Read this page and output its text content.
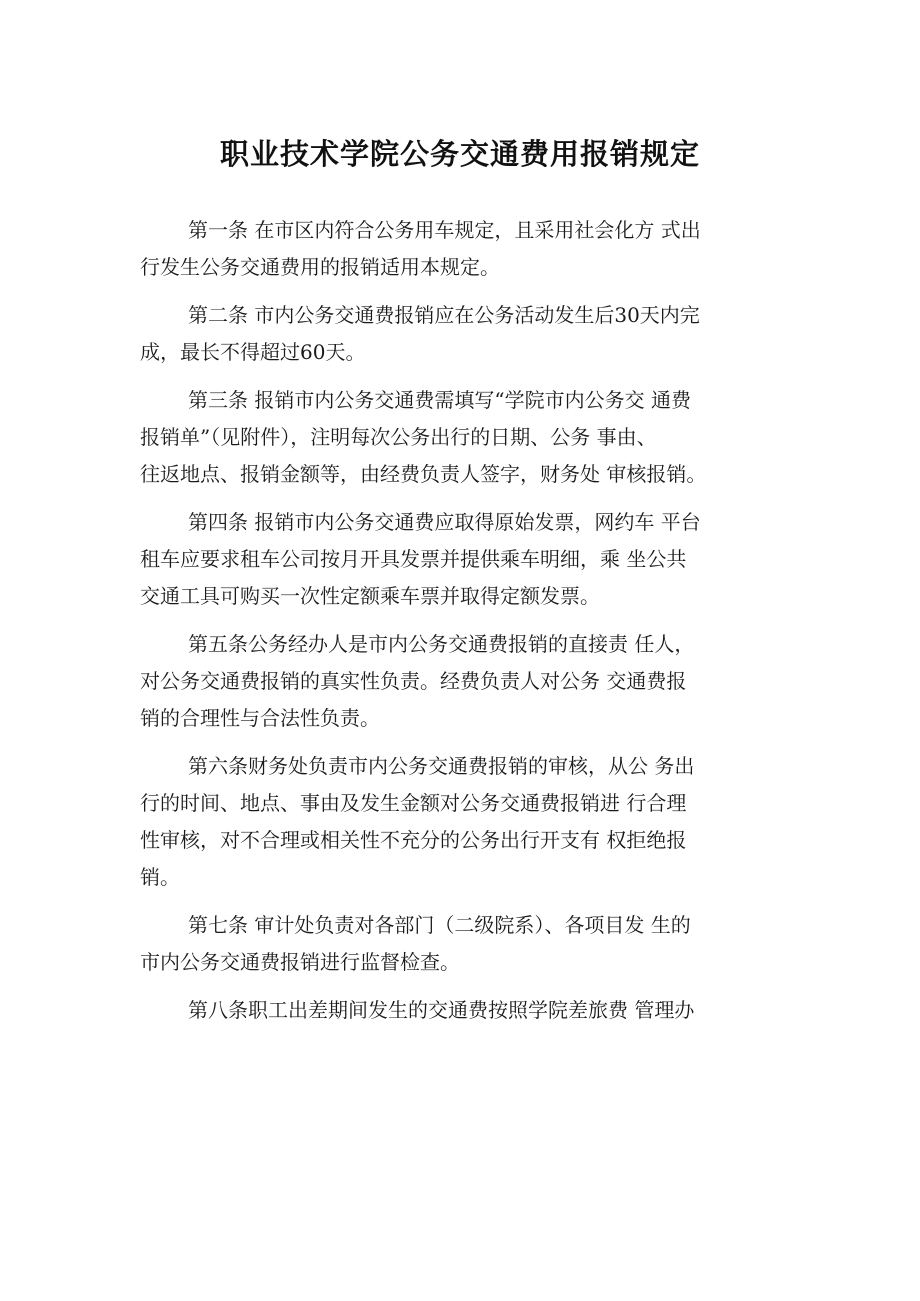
职业技术学院公务交通费用报销规定

第一条 在市区内符合公务用车规定，且采用社会化方 式出
行发生公务交通费用的报销适用本规定。

第二条 市内公务交通费报销应在公务活动发生后30天内完
成，最长不得超过60天。

第三条 报销市内公务交通费需填写“学院市内公务交 通费
报销单”（见附件），注明每次公务出行的日期、公务 事由、
往返地点、报销金额等，由经费负责人签字，财务处 审核报销。

第四条 报销市内公务交通费应取得原始发票，网约车 平台
租车应要求租车公司按月开具发票并提供乘车明细，乘 坐公共
交通工具可购买一次性定额乘车票并取得定额发票。

第五条公务经办人是市内公务交通费报销的直接责 任人，
对公务交通费报销的真实性负责。经费负责人对公务 交通费报
销的合理性与合法性负责。

第六条财务处负责市内公务交通费报销的审核，从公 务出
行的时间、地点、事由及发生金额对公务交通费报销进 行合理
性审核，对不合理或相关性不充分的公务出行开支有 权拒绝报
销。

第七条 审计处负责对各部门（二级院系）、各项目发 生的
市内公务交通费报销进行监督检查。

第八条职工出差期间发生的交通费按照学院差旅费 管理办
